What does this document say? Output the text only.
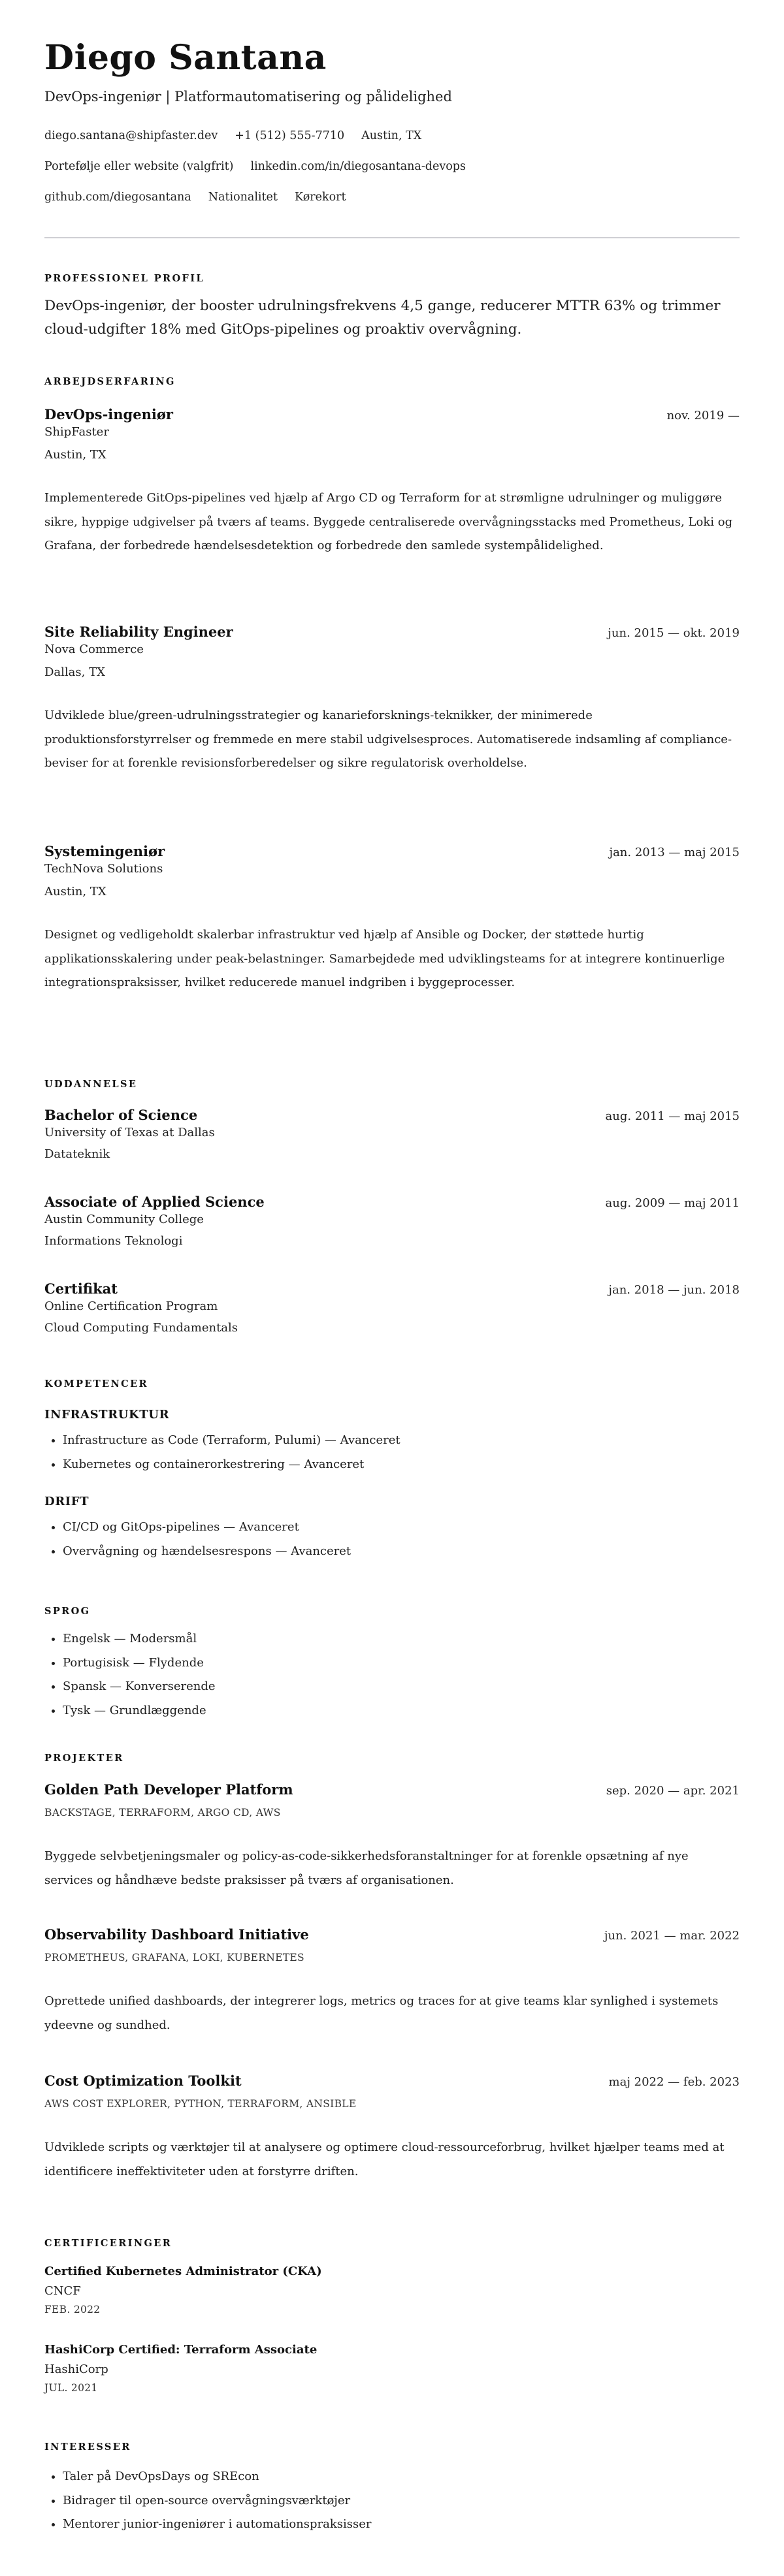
Diego Santana
DevOps-ingeniør | Platformautomatisering og pålidelighed
diego.santana@shipfaster.dev +1 (512) 555-7710 Austin, TX
Portefølje eller website (valgfrit) linkedin.com/in/diegosantana-devops
github.com/diegosantana Nationalitet Kørekort
PROFESSIONEL PROFIL
DevOps-ingeniør, der booster udrulningsfrekvens 4,5 gange, reducerer MTTR 63% og trimmer cloud-udgifter 18% med GitOps-pipelines og proaktiv overvågning.
ARBEJDSERFARING
DevOps-ingeniør	nov. 2019 —
ShipFaster
Austin, TX
Implementerede GitOps-pipelines ved hjælp af Argo CD og Terraform for at strømligne udrulninger og muliggøre sikre, hyppige udgivelser på tværs af teams. Byggede centraliserede overvågningsstacks med Prometheus, Loki og Grafana, der forbedrede hændelsesdetektion og forbedrede den samlede systempålidelighed.
Site Reliability Engineer	jun. 2015 — okt. 2019
Nova Commerce
Dallas, TX
Udviklede blue/green-udrulningsstrategier og kanarieforsknings-teknikker, der minimerede produktionsforstyrrelser og fremmede en mere stabil udgivelsesproces. Automatiserede indsamling af compliance-beviser for at forenkle revisionsforberedelser og sikre regulatorisk overholdelse.
Systemingeniør	jan. 2013 — maj 2015
TechNova Solutions
Austin, TX
Designet og vedligeholdt skalerbar infrastruktur ved hjælp af Ansible og Docker, der støttede hurtig applikationsskalering under peak-belastninger. Samarbejdede med udviklingsteams for at integrere kontinuerlige integrationspraksisser, hvilket reducerede manuel indgriben i byggeprocesser.
UDDANNELSE
Bachelor of Science	aug. 2011 — maj 2015
University of Texas at Dallas
Datateknik
Associate of Applied Science	aug. 2009 — maj 2011
Austin Community College
Informations Teknologi
Certifikat	jan. 2018 — jun. 2018
Online Certification Program
Cloud Computing Fundamentals
KOMPETENCER
INFRASTRUKTUR
• Infrastructure as Code (Terraform, Pulumi) — Avanceret
• Kubernetes og containerorkestrering — Avanceret
DRIFT
• CI/CD og GitOps-pipelines — Avanceret
• Overvågning og hændelsesrespons — Avanceret
SPROG
• Engelsk — Modersmål
• Portugisisk — Flydende
• Spansk — Konverserende
• Tysk — Grundlæggende
PROJEKTER
Golden Path Developer Platform	sep. 2020 — apr. 2021
BACKSTAGE, TERRAFORM, ARGO CD, AWS
Byggede selvbetjeningsmaler og policy-as-code-sikkerhedsforanstaltninger for at forenkle opsætning af nye services og håndhæve bedste praksisser på tværs af organisationen.
Observability Dashboard Initiative	jun. 2021 — mar. 2022
PROMETHEUS, GRAFANA, LOKI, KUBERNETES
Oprettede unified dashboards, der integrerer logs, metrics og traces for at give teams klar synlighed i systemets ydeevne og sundhed.
Cost Optimization Toolkit	maj 2022 — feb. 2023
AWS COST EXPLORER, PYTHON, TERRAFORM, ANSIBLE
Udviklede scripts og værktøjer til at analysere og optimere cloud-ressourceforbrug, hvilket hjælper teams med at identificere ineffektiviteter uden at forstyrre driften.
CERTIFICERINGER
Certified Kubernetes Administrator (CKA)
CNCF
FEB. 2022
HashiCorp Certified: Terraform Associate
HashiCorp
JUL. 2021
INTERESSER
• Taler på DevOpsDays og SREcon
• Bidrager til open-source overvågningsværktøjer
• Mentorer junior-ingeniører i automationspraksisser
